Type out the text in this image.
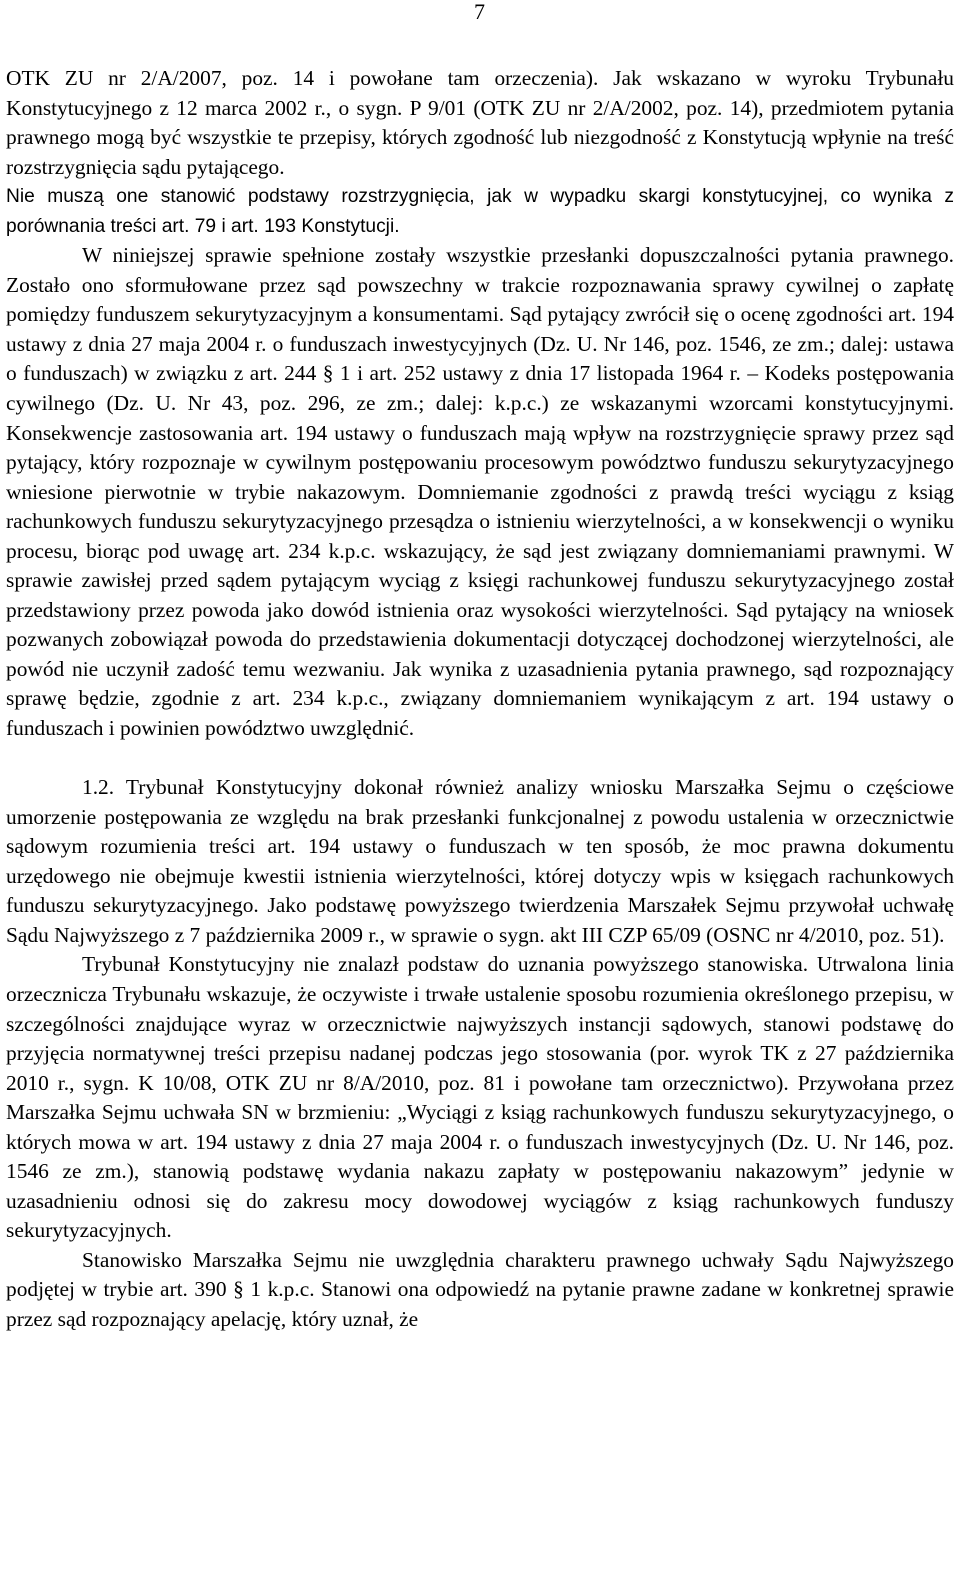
7

OTK ZU nr 2/A/2007, poz. 14 i powołane tam orzeczenia). Jak wskazano w wyroku Trybunału Konstytucyjnego z 12 marca 2002 r., o sygn. P 9/01 (OTK ZU nr 2/A/2002, poz. 14), przedmiotem pytania prawnego mogą być wszystkie te przepisy, których zgodność lub niezgodność z Konstytucją wpłynie na treść rozstrzygnięcia sądu pytającego.

Nie muszą one stanowić podstawy rozstrzygnięcia, jak w wypadku skargi konstytucyjnej, co wynika z porównania treści art. 79 i art. 193 Konstytucji.

W niniejszej sprawie spełnione zostały wszystkie przesłanki dopuszczalności pytania prawnego. Zostało ono sformułowane przez sąd powszechny w trakcie rozpoznawania sprawy cywilnej o zapłatę pomiędzy funduszem sekurytyzacyjnym a konsumentami. Sąd pytający zwrócił się o ocenę zgodności art. 194 ustawy z dnia 27 maja 2004 r. o funduszach inwestycyjnych (Dz. U. Nr 146, poz. 1546, ze zm.; dalej: ustawa o funduszach) w związku z art. 244 § 1 i art. 252 ustawy z dnia 17 listopada 1964 r. – Kodeks postępowania cywilnego (Dz. U. Nr 43, poz. 296, ze zm.; dalej: k.p.c.) ze wskazanymi wzorcami konstytucyjnymi. Konsekwencje zastosowania art. 194 ustawy o funduszach mają wpływ na rozstrzygnięcie sprawy przez sąd pytający, który rozpoznaje w cywilnym postępowaniu procesowym powództwo funduszu sekurytyzacyjnego wniesione pierwotnie w trybie nakazowym. Domniemanie zgodności z prawdą treści wyciągu z ksiąg rachunkowych funduszu sekurytyzacyjnego przesądza o istnieniu wierzytelności, a w konsekwencji o wyniku procesu, biorąc pod uwagę art. 234 k.p.c. wskazujący, że sąd jest związany domniemaniami prawnymi. W sprawie zawisłej przed sądem pytającym wyciąg z księgi rachunkowej funduszu sekurytyzacyjnego został przedstawiony przez powoda jako dowód istnienia oraz wysokości wierzytelności. Sąd pytający na wniosek pozwanych zobowiązał powoda do przedstawienia dokumentacji dotyczącej dochodzonej wierzytelności, ale powód nie uczynił zadość temu wezwaniu. Jak wynika z uzasadnienia pytania prawnego, sąd rozpoznający sprawę będzie, zgodnie z art. 234 k.p.c., związany domniemaniem wynikającym z art. 194 ustawy o funduszach i powinien powództwo uwzględnić.

1.2. Trybunał Konstytucyjny dokonał również analizy wniosku Marszałka Sejmu o częściowe umorzenie postępowania ze względu na brak przesłanki funkcjonalnej z powodu ustalenia w orzecznictwie sądowym rozumienia treści art. 194 ustawy o funduszach w ten sposób, że moc prawna dokumentu urzędowego nie obejmuje kwestii istnienia wierzytelności, której dotyczy wpis w księgach rachunkowych funduszu sekurytyzacyjnego. Jako podstawę powyższego twierdzenia Marszałek Sejmu przywołał uchwałę Sądu Najwyższego z 7 października 2009 r., w sprawie o sygn. akt III CZP 65/09 (OSNC nr 4/2010, poz. 51).

Trybunał Konstytucyjny nie znalazł podstaw do uznania powyższego stanowiska. Utrwalona linia orzecznicza Trybunału wskazuje, że oczywiste i trwałe ustalenie sposobu rozumienia określonego przepisu, w szczególności znajdujące wyraz w orzecznictwie najwyższych instancji sądowych, stanowi podstawę do przyjęcia normatywnej treści przepisu nadanej podczas jego stosowania (por. wyrok TK z 27 października 2010 r., sygn. K 10/08, OTK ZU nr 8/A/2010, poz. 81 i powołane tam orzecznictwo). Przywołana przez Marszałka Sejmu uchwała SN w brzmieniu: „Wyciągi z ksiąg rachunkowych funduszu sekurytyzacyjnego, o których mowa w art. 194 ustawy z dnia 27 maja 2004 r. o funduszach inwestycyjnych (Dz. U. Nr 146, poz. 1546 ze zm.), stanowią podstawę wydania nakazu zapłaty w postępowaniu nakazowym” jedynie w uzasadnieniu odnosi się do zakresu mocy dowodowej wyciągów z ksiąg rachunkowych funduszy sekurytyzacyjnych.

Stanowisko Marszałka Sejmu nie uwzględnia charakteru prawnego uchwały Sądu Najwyższego podjętej w trybie art. 390 § 1 k.p.c. Stanowi ona odpowiedź na pytanie prawne zadane w konkretnej sprawie przez sąd rozpoznający apelację, który uznał, że
